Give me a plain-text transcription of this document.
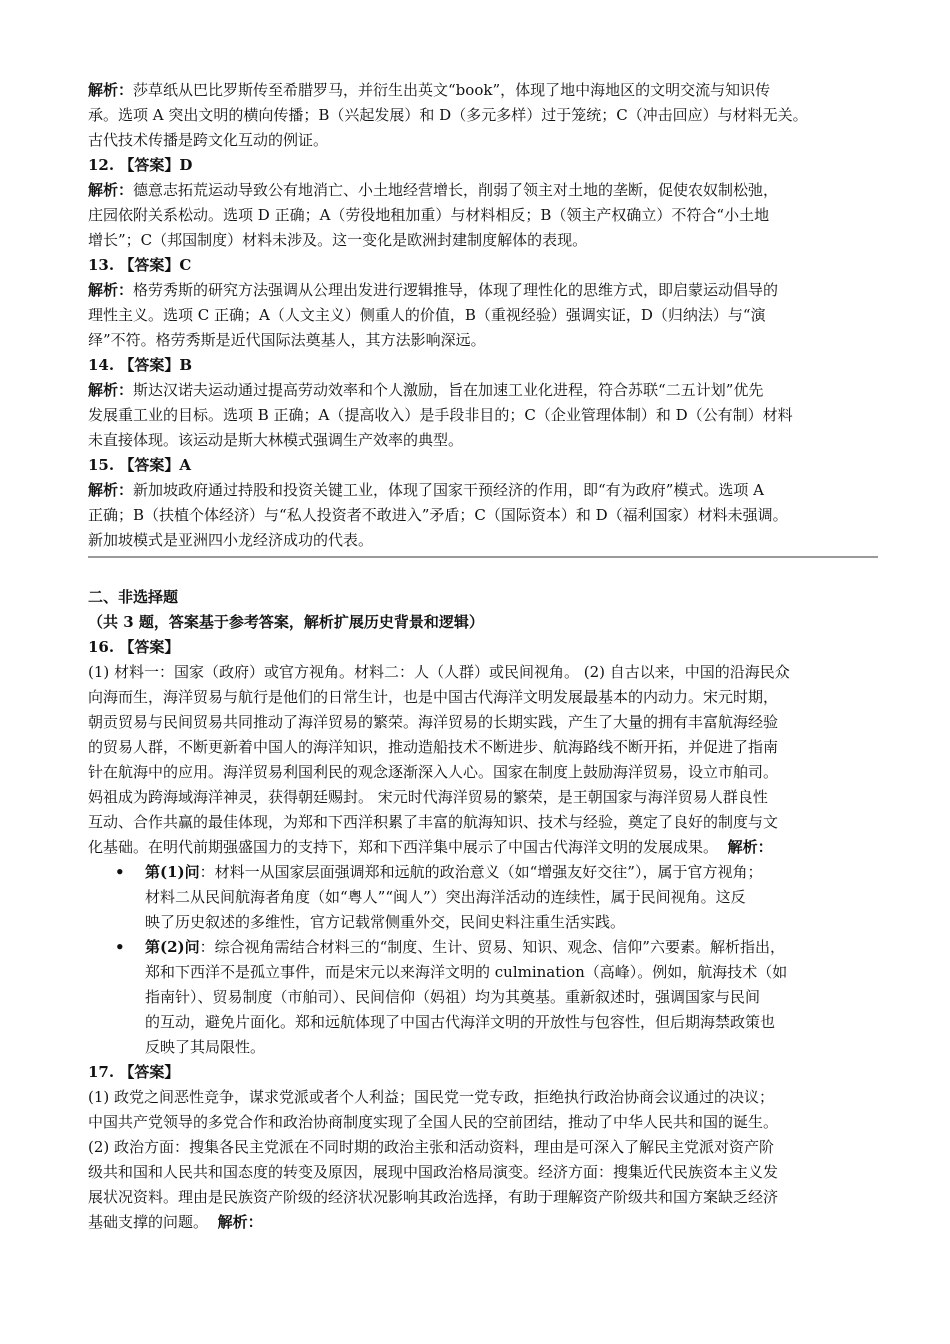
解析：莎草纸从巴比罗斯传至希腊罗马，并衍生出英文“book”，体现了地中海地区的文明交流与知识传
承。选项 A 突出文明的横向传播；B（兴起发展）和 D（多元多样）过于笼统；C（冲击回应）与材料无关。
古代技术传播是跨文化互动的例证。
12. 【答案】D
解析：德意志拓荒运动导致公有地消亡、小土地经营增长，削弱了领主对土地的垄断，促使农奴制松弛，
庄园依附关系松动。选项 D 正确；A（劳役地租加重）与材料相反；B（领主产权确立）不符合“小土地
增长”；C（邦国制度）材料未涉及。这一变化是欧洲封建制度解体的表现。
13. 【答案】C
解析：格劳秀斯的研究方法强调从公理出发进行逻辑推导，体现了理性化的思维方式，即启蒙运动倡导的
理性主义。选项 C 正确；A（人文主义）侧重人的价值，B（重视经验）强调实证，D（归纳法）与“演
绎”不符。格劳秀斯是近代国际法奠基人，其方法影响深远。
14. 【答案】B
解析：斯达汉诺夫运动通过提高劳动效率和个人激励，旨在加速工业化进程，符合苏联“二五计划”优先
发展重工业的目标。选项 B 正确；A（提高收入）是手段非目的；C（企业管理体制）和 D（公有制）材料
未直接体现。该运动是斯大林模式强调生产效率的典型。
15. 【答案】A
解析：新加坡政府通过持股和投资关键工业，体现了国家干预经济的作用，即“有为政府”模式。选项 A
正确；B（扶植个体经济）与“私人投资者不敢进入”矛盾；C（国际资本）和 D（福利国家）材料未强调。
新加坡模式是亚洲四小龙经济成功的代表。
二、非选择题
（共 3 题，答案基于参考答案，解析扩展历史背景和逻辑）
16. 【答案】
(1) 材料一：国家（政府）或官方视角。材料二：人（人群）或民间视角。 (2) 自古以来，中国的沿海民众
向海而生，海洋贸易与航行是他们的日常生计，也是中国古代海洋文明发展最基本的内动力。宋元时期，
朝贡贸易与民间贸易共同推动了海洋贸易的繁荣。海洋贸易的长期实践，产生了大量的拥有丰富航海经验
的贸易人群，不断更新着中国人的海洋知识，推动造船技术不断进步、航海路线不断开拓，并促进了指南
针在航海中的应用。海洋贸易利国利民的观念逐渐深入人心。国家在制度上鼓励海洋贸易，设立市舶司。
妈祖成为跨海域海洋神灵，获得朝廷赐封。 宋元时代海洋贸易的繁荣，是王朝国家与海洋贸易人群良性
互动、合作共赢的最佳体现，为郑和下西洋积累了丰富的航海知识、技术与经验，奠定了良好的制度与文
化基础。在明代前期强盛国力的支持下，郑和下西洋集中展示了中国古代海洋文明的发展成果。 解析：
• 第(1)问：材料一从国家层面强调郑和远航的政治意义（如“增强友好交往”），属于官方视角；
材料二从民间航海者角度（如“粤人”“闽人”）突出海洋活动的连续性，属于民间视角。这反
映了历史叙述的多维性，官方记载常侧重外交，民间史料注重生活实践。
• 第(2)问：综合视角需结合材料三的“制度、生计、贸易、知识、观念、信仰”六要素。解析指出，
郑和下西洋不是孤立事件，而是宋元以来海洋文明的 culmination（高峰）。例如，航海技术（如
指南针）、贸易制度（市舶司）、民间信仰（妈祖）均为其奠基。重新叙述时，强调国家与民间
的互动，避免片面化。郑和远航体现了中国古代海洋文明的开放性与包容性，但后期海禁政策也
反映了其局限性。
17. 【答案】
(1) 政党之间恶性竞争，谋求党派或者个人利益；国民党一党专政，拒绝执行政治协商会议通过的决议；
中国共产党领导的多党合作和政治协商制度实现了全国人民的空前团结，推动了中华人民共和国的诞生。
(2) 政治方面：搜集各民主党派在不同时期的政治主张和活动资料，理由是可深入了解民主党派对资产阶
级共和国和人民共和国态度的转变及原因，展现中国政治格局演变。经济方面：搜集近代民族资本主义发
展状况资料。理由是民族资产阶级的经济状况影响其政治选择，有助于理解资产阶级共和国方案缺乏经济
基础支撑的问题。 解析：
